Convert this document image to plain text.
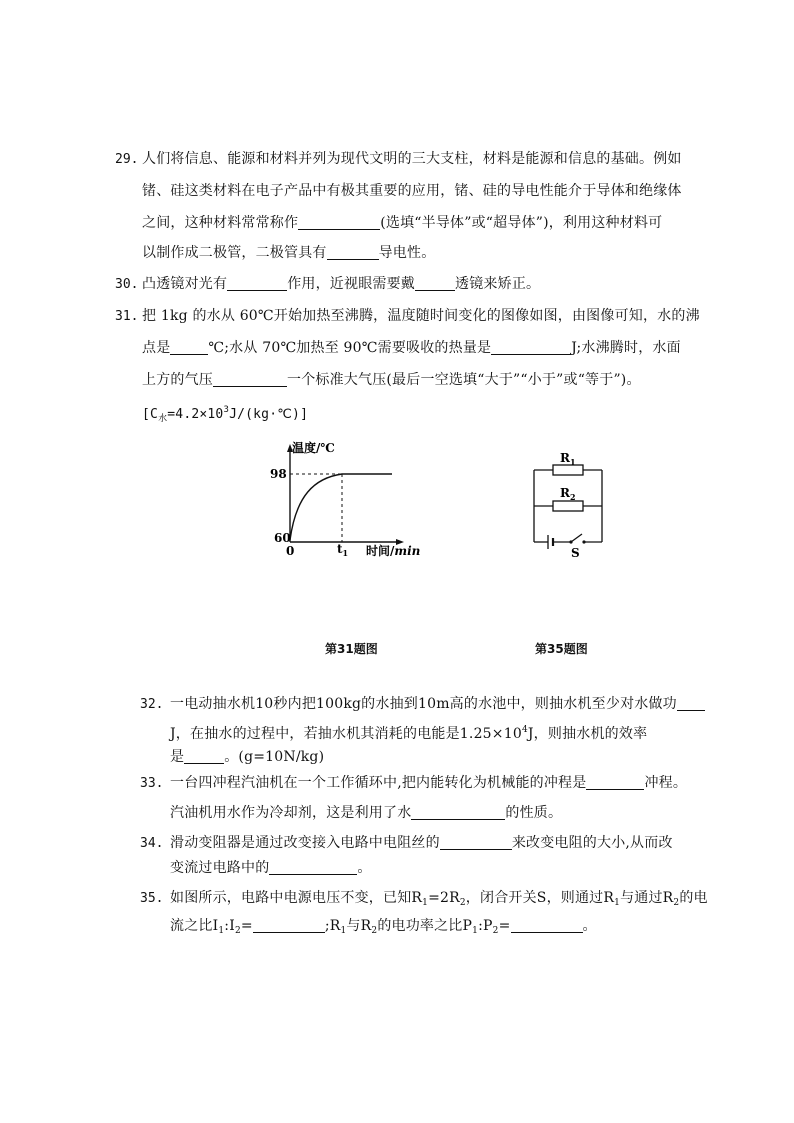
29. 人们将信息、能源和材料并列为现代文明的三大支柱，材料是能源和信息的基础。例如
锗、硅这类材料在电子产品中有极其重要的应用，锗、硅的导电性能介于导体和绝缘体
之间，这种材料常常称作	(选填“半导体”或“超导体”)，利用这种材料可
以制作成二极管，二极管具有	导电性。
30. 凸透镜对光有	作用，近视眼需要戴	透镜来矫正。
31. 把 1kg 的水从 60℃开始加热至沸腾，温度随时间变化的图像如图，由图像可知，水的沸
点是	℃;水从 70℃加热至 90℃需要吸收的热量是	J;水沸腾时，水面
上方的气压	一个标准大气压(最后一空选填“大于”“小于”或“等于”)。
$[C_水=4.2\times 10^3J/(kg\cdot℃)]$
温度/℃
98
60
0	$t_1$ 时间/min
$R_1$
$R_2$
S
第31题图	第35题图
32. 一电动抽水机10秒内把100kg的水抽到10m高的水池中，则抽水机至少对水做功
J，在抽水的过程中，若抽水机其消耗的电能是$1.25\times 10^4J$，则抽水机的效率
是	。(g=10N/kg)
33. 一台四冲程汽油机在一个工作循环中,把内能转化为机械能的冲程是	冲程。
汽油机用水作为冷却剂，这是利用了水	的性质。
34. 滑动变阻器是通过改变接入电路中电阻丝的	来改变电阻的大小,从而改
变流过电路中的	。
35. 如图所示，电路中电源电压不变，已知$R_1=2R_2$，闭合开关S，则通过$R_1$与通过$R_2$的电
流之比$I_1:I_2=$	$;R_1$与$R_2$的电功率之比$P_1:P_2=$	。
